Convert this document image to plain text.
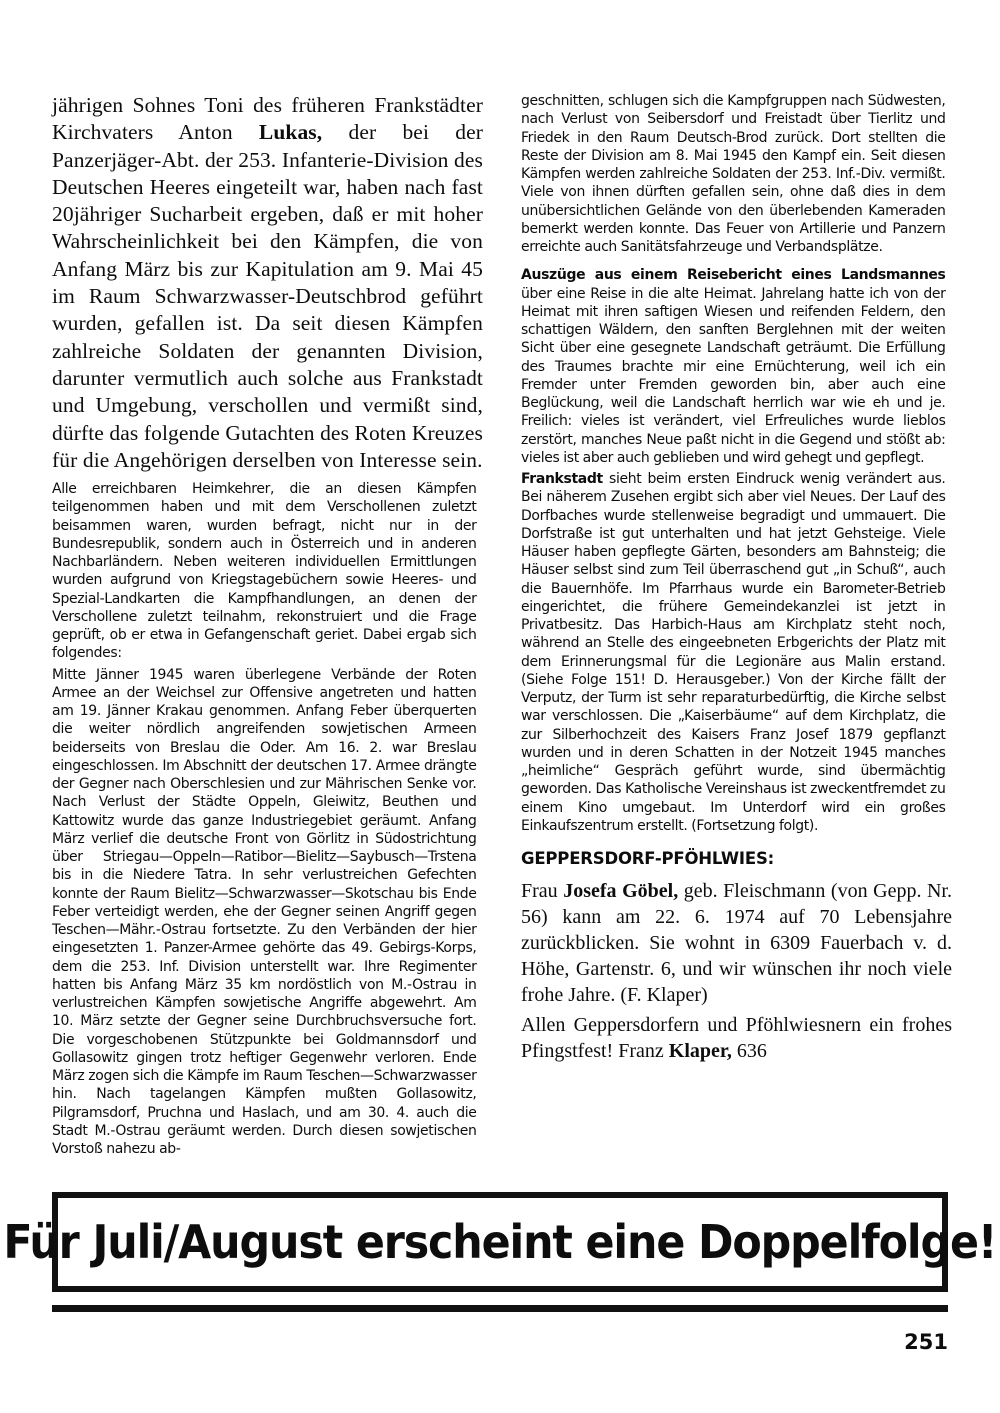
jährigen Sohnes Toni des früheren Frankstädter Kirchvaters Anton Lukas, der bei der Panzerjäger-Abt. der 253. Infanterie-Division des Deutschen Heeres eingeteilt war, haben nach fast 20jähriger Sucharbeit ergeben, daß er mit hoher Wahrscheinlichkeit bei den Kämpfen, die von Anfang März bis zur Kapitulation am 9. Mai 45 im Raum Schwarzwasser-Deutschbrod geführt wurden, gefallen ist. Da seit diesen Kämpfen zahlreiche Soldaten der genannten Division, darunter vermutlich auch solche aus Frankstadt und Umgebung, verschollen und vermißt sind, dürfte das folgende Gutachten des Roten Kreuzes für die Angehörigen derselben von Interesse sein.

Alle erreichbaren Heimkehrer, die an diesen Kämpfen teilgenommen haben und mit dem Verschollenen zuletzt beisammen waren, wurden befragt, nicht nur in der Bundesrepublik, sondern auch in Österreich und in anderen Nachbarländern. Neben weiteren individuellen Ermittlungen wurden aufgrund von Kriegstagebüchern sowie Heeres- und Spezial-Landkarten die Kampfhandlungen, an denen der Verschollene zuletzt teilnahm, rekonstruiert und die Frage geprüft, ob er etwa in Gefangenschaft geriet. Dabei ergab sich folgendes:

Mitte Jänner 1945 waren überlegene Verbände der Roten Armee an der Weichsel zur Offensive angetreten und hatten am 19. Jänner Krakau genommen. Anfang Feber überquerten die weiter nördlich angreifenden sowjetischen Armeen beiderseits von Breslau die Oder. Am 16. 2. war Breslau eingeschlossen. Im Abschnitt der deutschen 17. Armee drängte der Gegner nach Oberschlesien und zur Mährischen Senke vor. Nach Verlust der Städte Oppeln, Gleiwitz, Beuthen und Kattowitz wurde das ganze Industriegebiet geräumt. Anfang März verlief die deutsche Front von Görlitz in Südostrichtung über Striegau—Oppeln—Ratibor—Bielitz—Saybusch—Trstena bis in die Niedere Tatra. In sehr verlustreichen Gefechten konnte der Raum Bielitz—Schwarzwasser—Skotschau bis Ende Feber verteidigt werden, ehe der Gegner seinen Angriff gegen Teschen—Mähr.-Ostrau fortsetzte. Zu den Verbänden der hier eingesetzten 1. Panzer-Armee gehörte das 49. Gebirgs-Korps, dem die 253. Inf. Division unterstellt war. Ihre Regimenter hatten bis Anfang März 35 km nordöstlich von M.-Ostrau in verlustreichen Kämpfen sowjetische Angriffe abgewehrt. Am 10. März setzte der Gegner seine Durchbruchsversuche fort. Die vorgeschobenen Stützpunkte bei Goldmannsdorf und Gollasowitz gingen trotz heftiger Gegenwehr verloren. Ende März zogen sich die Kämpfe im Raum Teschen—Schwarzwasser hin. Nach tagelangen Kämpfen mußten Gollasowitz, Pilgramsdorf, Pruchna und Haslach, und am 30. 4. auch die Stadt M.-Ostrau geräumt werden. Durch diesen sowjetischen Vorstoß nahezu ab-

geschnitten, schlugen sich die Kampfgruppen nach Südwesten, nach Verlust von Seibersdorf und Freistadt über Tierlitz und Friedek in den Raum Deutsch-Brod zurück. Dort stellten die Reste der Division am 8. Mai 1945 den Kampf ein. Seit diesen Kämpfen werden zahlreiche Soldaten der 253. Inf.-Div. vermißt. Viele von ihnen dürften gefallen sein, ohne daß dies in dem unübersichtlichen Gelände von den überlebenden Kameraden bemerkt werden konnte. Das Feuer von Artillerie und Panzern erreichte auch Sanitätsfahrzeuge und Verbandsplätze.

Auszüge aus einem Reisebericht eines Landsmannes über eine Reise in die alte Heimat. Jahrelang hatte ich von der Heimat mit ihren saftigen Wiesen und reifenden Feldern, den schattigen Wäldern, den sanften Berglehnen mit der weiten Sicht über eine gesegnete Landschaft geträumt. Die Erfüllung des Traumes brachte mir eine Ernüchterung, weil ich ein Fremder unter Fremden geworden bin, aber auch eine Beglückung, weil die Landschaft herrlich war wie eh und je. Freilich: vieles ist verändert, viel Erfreuliches wurde lieblos zerstört, manches Neue paßt nicht in die Gegend und stößt ab: vieles ist aber auch geblieben und wird gehegt und gepflegt.

Frankstadt sieht beim ersten Eindruck wenig verändert aus. Bei näherem Zusehen ergibt sich aber viel Neues. Der Lauf des Dorfbaches wurde stellenweise begradigt und ummauert. Die Dorfstraße ist gut unterhalten und hat jetzt Gehsteige. Viele Häuser haben gepflegte Gärten, besonders am Bahnsteig; die Häuser selbst sind zum Teil überraschend gut „in Schuß“, auch die Bauernhöfe. Im Pfarrhaus wurde ein Barometer-Betrieb eingerichtet, die frühere Gemeindekanzlei ist jetzt in Privatbesitz. Das Harbich-Haus am Kirchplatz steht noch, während an Stelle des eingeebneten Erbgerichts der Platz mit dem Erinnerungsmal für die Legionäre aus Malin erstand. (Siehe Folge 151! D. Herausgeber.) Von der Kirche fällt der Verputz, der Turm ist sehr reparaturbedürftig, die Kirche selbst war verschlossen. Die „Kaiserbäume“ auf dem Kirchplatz, die zur Silberhochzeit des Kaisers Franz Josef 1879 gepflanzt wurden und in deren Schatten in der Notzeit 1945 manches „heimliche“ Gespräch geführt wurde, sind übermächtig geworden. Das Katholische Vereinshaus ist zweckentfremdet zu einem Kino umgebaut. Im Unterdorf wird ein großes Einkaufszentrum erstellt. (Fortsetzung folgt).

GEPPERSDORF-PFÖHLWIES:

Frau Josefa Göbel, geb. Fleischmann (von Gepp. Nr. 56) kann am 22. 6. 1974 auf 70 Lebensjahre zurückblicken. Sie wohnt in 6309 Fauerbach v. d. Höhe, Gartenstr. 6, und wir wünschen ihr noch viele frohe Jahre. (F. Klaper)

Allen Geppersdorfern und Pföhlwiesnern ein frohes Pfingstfest! Franz Klaper, 636

Für Juli/August erscheint eine Doppelfolge!
251
